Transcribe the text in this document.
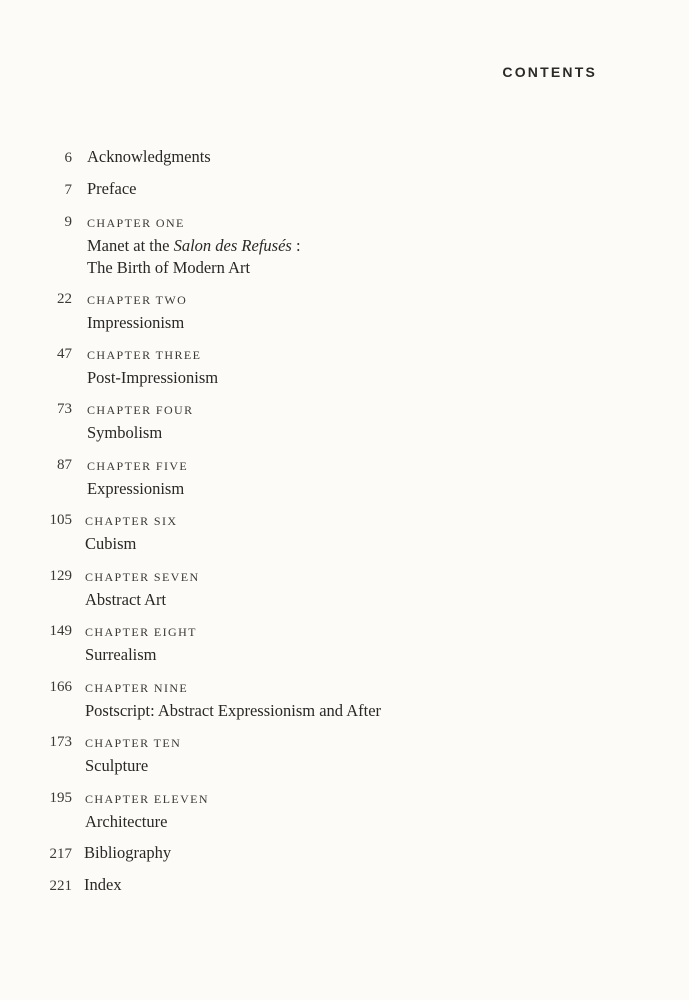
CONTENTS
6 Acknowledgments
7 Preface
9 CHAPTER ONE
Manet at the Salon des Refusés :
The Birth of Modern Art
22 CHAPTER TWO
Impressionism
47 CHAPTER THREE
Post-Impressionism
73 CHAPTER FOUR
Symbolism
87 CHAPTER FIVE
Expressionism
105 CHAPTER SIX
Cubism
129 CHAPTER SEVEN
Abstract Art
149 CHAPTER EIGHT
Surrealism
166 CHAPTER NINE
Postscript: Abstract Expressionism and After
173 CHAPTER TEN
Sculpture
195 CHAPTER ELEVEN
Architecture
217 Bibliography
221 Index
